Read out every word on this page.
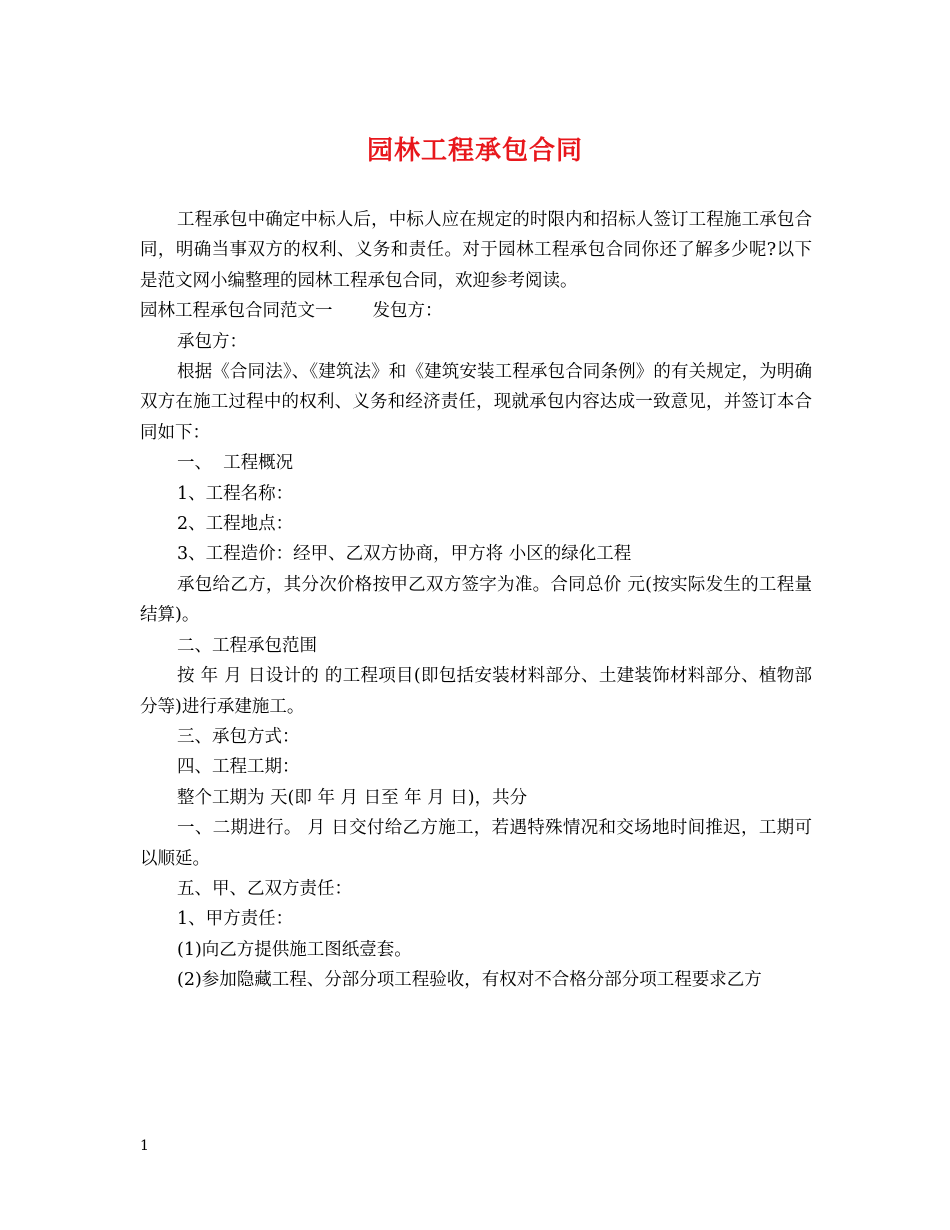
园林工程承包合同

工程承包中确定中标人后，中标人应在规定的时限内和招标人签订工程施工承包合同，明确当事双方的权利、义务和责任。对于园林工程承包合同你还了解多少呢?以下是范文网小编整理的园林工程承包合同，欢迎参考阅读。

园林工程承包合同范文一 发包方：

承包方：

根据《合同法》、《建筑法》和《建筑安装工程承包合同条例》的有关规定，为明确双方在施工过程中的权利、义务和经济责任，现就承包内容达成一致意见，并签订本合同如下：

一、  工程概况

1、工程名称：

2、工程地点：

3、工程造价：经甲、乙双方协商，甲方将 小区的绿化工程

承包给乙方，其分次价格按甲乙双方签字为准。合同总价 元(按实际发生的工程量结算)。

二、工程承包范围

按 年 月 日设计的 的工程项目(即包括安装材料部分、土建装饰材料部分、植物部分等)进行承建施工。

三、承包方式：

四、工程工期：

整个工期为 天(即 年 月 日至 年 月 日)，共分

一、二期进行。 月 日交付给乙方施工，若遇特殊情况和交场地时间推迟，工期可以顺延。

五、甲、乙双方责任：

1、甲方责任：

(1)向乙方提供施工图纸壹套。

(2)参加隐藏工程、分部分项工程验收，有权对不合格分部分项工程要求乙方

1
